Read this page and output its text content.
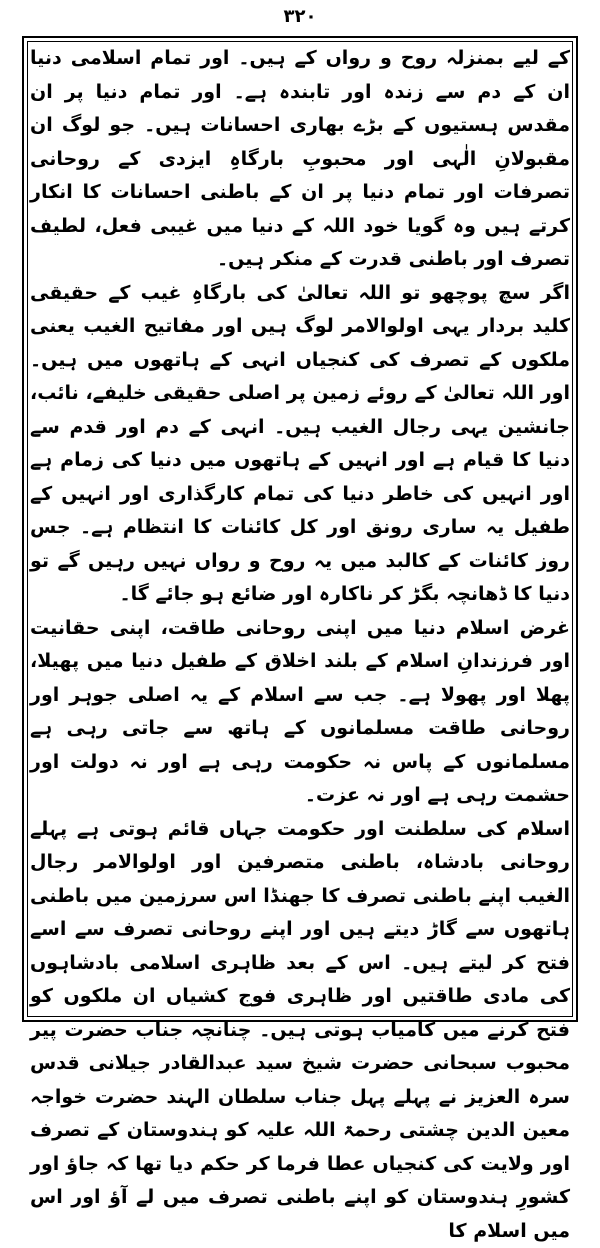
۳۲۰

کے لیے بمنزلہ روح و رواں کے ہیں۔ اور تمام اسلامی دنیا ان کے دم سے زندہ اور تابندہ ہے۔ اور تمام دنیا پر ان مقدس ہستیوں کے بڑے بھاری احسانات ہیں۔ جو لوگ ان مقبولانِ الٰہی اور محبوبِ بارگاہِ ایزدی کے روحانی تصرفات اور تمام دنیا پر ان کے باطنی احسانات کا انکار کرتے ہیں وہ گویا خود اللہ کے دنیا میں غیبی فعل، لطیف تصرف اور باطنی قدرت کے منکر ہیں۔

اگر سچ پوچھو تو اللہ تعالیٰ کی بارگاہِ غیب کے حقیقی کلید بردار یہی اولوالامر لوگ ہیں اور مفاتیح الغیب یعنی ملکوں کے تصرف کی کنجیاں انہی کے ہاتھوں میں ہیں۔ اور اللہ تعالیٰ کے روئے زمین پر اصلی حقیقی خلیفے، نائب، جانشین یہی رجال الغیب ہیں۔ انہی کے دم اور قدم سے دنیا کا قیام ہے اور انہیں کے ہاتھوں میں دنیا کی زمام ہے اور انہیں کی خاطر دنیا کی تمام کارگذاری اور انہیں کے طفیل یہ ساری رونق اور کل کائنات کا انتظام ہے۔ جس روز کائنات کے کالبد میں یہ روح و رواں نہیں رہیں گے تو دنیا کا ڈھانچہ بگڑ کر ناکارہ اور ضائع ہو جائے گا۔

غرض اسلام دنیا میں اپنی روحانی طاقت، اپنی حقانیت اور فرزندانِ اسلام کے بلند اخلاق کے طفیل دنیا میں پھیلا، پھلا اور پھولا ہے۔ جب سے اسلام کے یہ اصلی جوہر اور روحانی طاقت مسلمانوں کے ہاتھ سے جاتی رہی ہے مسلمانوں کے پاس نہ حکومت رہی ہے اور نہ دولت اور حشمت رہی ہے اور نہ عزت۔

اسلام کی سلطنت اور حکومت جہاں قائم ہوتی ہے پہلے روحانی بادشاہ، باطنی متصرفین اور اولوالامر رجال الغیب اپنے باطنی تصرف کا جھنڈا اس سرزمین میں باطنی ہاتھوں سے گاڑ دیتے ہیں اور اپنے روحانی تصرف سے اسے فتح کر لیتے ہیں۔ اس کے بعد ظاہری اسلامی بادشاہوں کی مادی طاقتیں اور ظاہری فوج کشیاں ان ملکوں کو فتح کرنے میں کامیاب ہوتی ہیں۔ چنانچہ جناب حضرت پیر محبوب سبحانی حضرت شیخ سید عبدالقادر جیلانی قدس سرہ العزیز نے پہلے پہل جناب سلطان الہند حضرت خواجہ معین الدین چشتی رحمۃ اللہ علیہ کو ہندوستان کے تصرف اور ولایت کی کنجیاں عطا فرما کر حکم دیا تھا کہ جاؤ اور کشورِ ہندوستان کو اپنے باطنی تصرف میں لے آؤ اور اس میں اسلام کا
